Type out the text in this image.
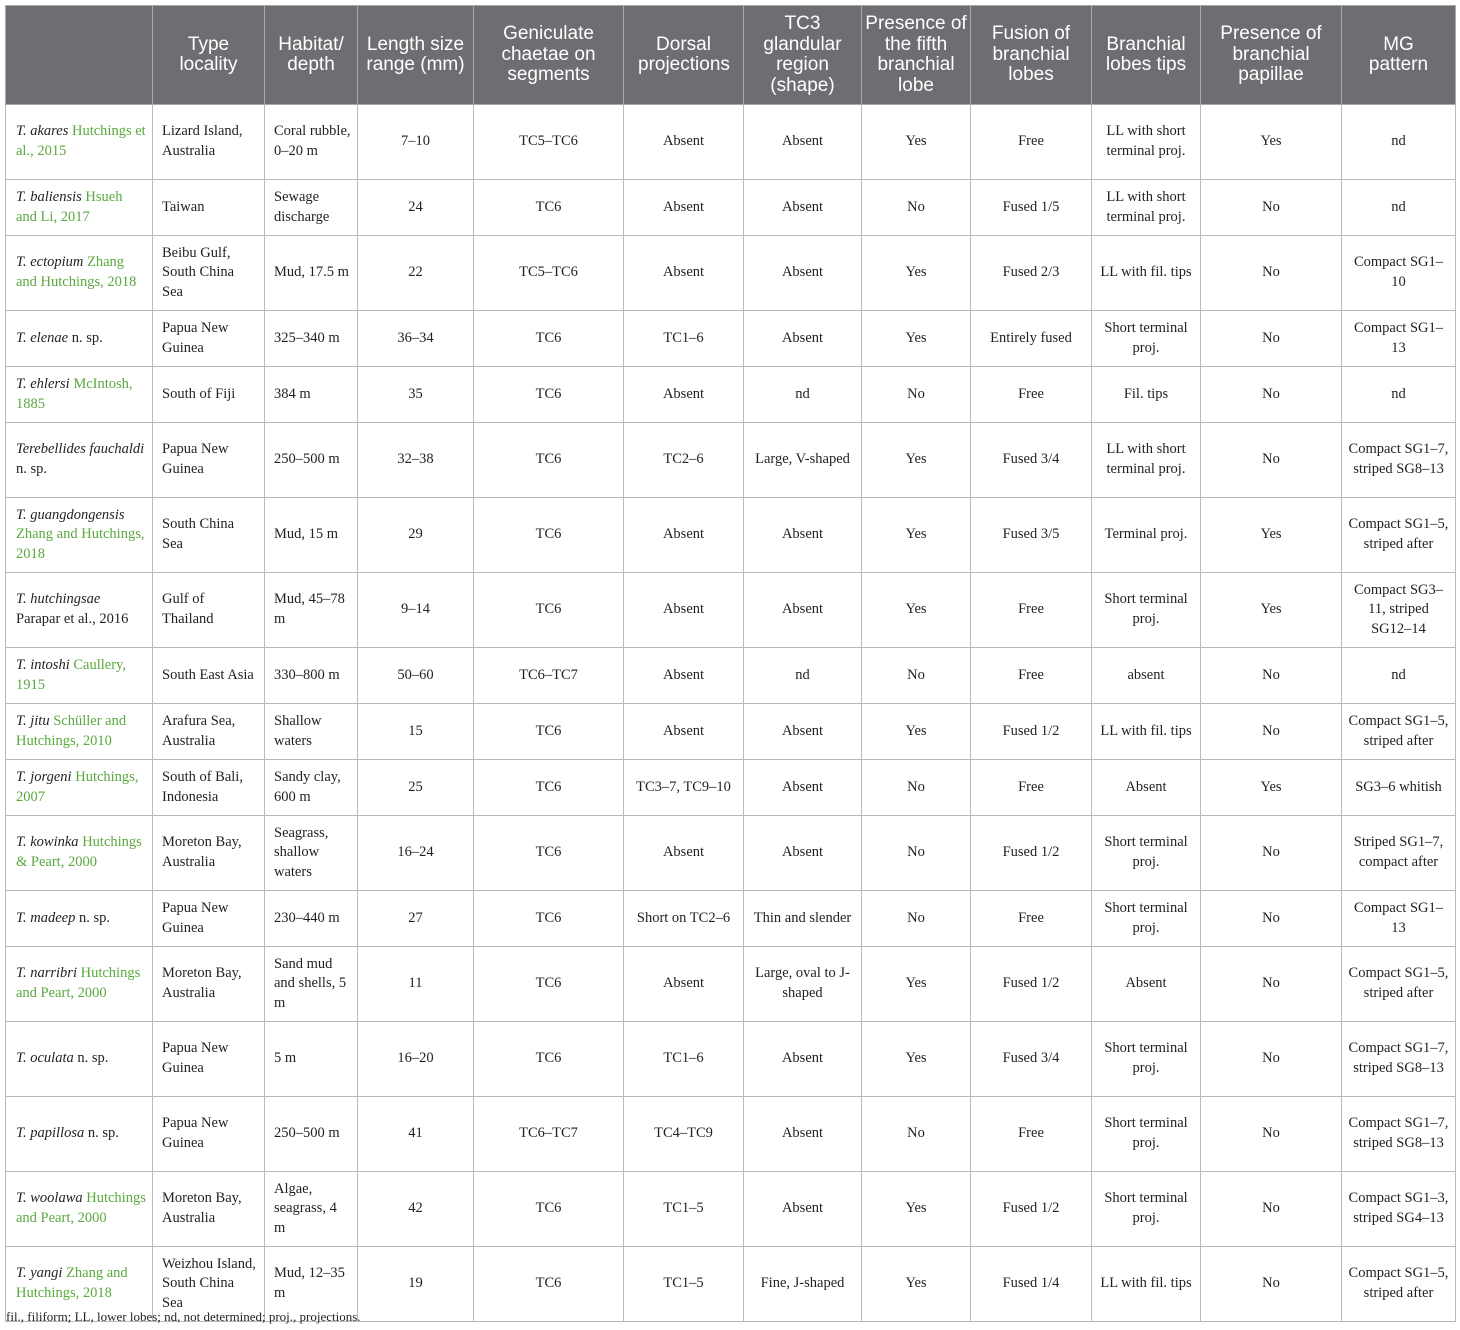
	Type locality	Habitat/ depth	Length size range (mm)	Geniculate chaetae on segments	Dorsal projections	TC3 glandular region (shape)	Presence of the fifth branchial lobe	Fusion of branchial lobes	Branchial lobes tips	Presence of branchial papillae	MG pattern
T. akares Hutchings et al., 2015	Lizard Island, Australia	Coral rubble, 0–20 m	7–10	TC5–TC6	Absent	Absent	Yes	Free	LL with short terminal proj.	Yes	nd
T. baliensis Hsueh and Li, 2017	Taiwan	Sewage discharge	24	TC6	Absent	Absent	No	Fused 1/5	LL with short terminal proj.	No	nd
T. ectopium Zhang and Hutchings, 2018	Beibu Gulf, South China Sea	Mud, 17.5 m	22	TC5–TC6	Absent	Absent	Yes	Fused 2/3	LL with fil. tips	No	Compact SG1–10
T. elenae n. sp.	Papua New Guinea	325–340 m	36–34	TC6	TC1–6	Absent	Yes	Entirely fused	Short terminal proj.	No	Compact SG1–13
T. ehlersi McIntosh, 1885	South of Fiji	384 m	35	TC6	Absent	nd	No	Free	Fil. tips	No	nd
Terebellides fauchaldi n. sp.	Papua New Guinea	250–500 m	32–38	TC6	TC2–6	Large, V-shaped	Yes	Fused 3/4	LL with short terminal proj.	No	Compact SG1–7, striped SG8–13
T. guangdongensis Zhang and Hutchings, 2018	South China Sea	Mud, 15 m	29	TC6	Absent	Absent	Yes	Fused 3/5	Terminal proj.	Yes	Compact SG1–5, striped after
T. hutchingsae Parapar et al., 2016	Gulf of Thailand	Mud, 45–78 m	9–14	TC6	Absent	Absent	Yes	Free	Short terminal proj.	Yes	Compact SG3–11, striped SG12–14
T. intoshi Caullery, 1915	South East Asia	330–800 m	50–60	TC6–TC7	Absent	nd	No	Free	absent	No	nd
T. jitu Schüller and Hutchings, 2010	Arafura Sea, Australia	Shallow waters	15	TC6	Absent	Absent	Yes	Fused 1/2	LL with fil. tips	No	Compact SG1–5, striped after
T. jorgeni Hutchings, 2007	South of Bali, Indonesia	Sandy clay, 600 m	25	TC6	TC3–7, TC9–10	Absent	No	Free	Absent	Yes	SG3–6 whitish
T. kowinka Hutchings & Peart, 2000	Moreton Bay, Australia	Seagrass, shallow waters	16–24	TC6	Absent	Absent	No	Fused 1/2	Short terminal proj.	No	Striped SG1–7, compact after
T. madeep n. sp.	Papua New Guinea	230–440 m	27	TC6	Short on TC2–6	Thin and slender	No	Free	Short terminal proj.	No	Compact SG1–13
T. narribri Hutchings and Peart, 2000	Moreton Bay, Australia	Sand mud and shells, 5 m	11	TC6	Absent	Large, oval to J-shaped	Yes	Fused 1/2	Absent	No	Compact SG1–5, striped after
T. oculata n. sp.	Papua New Guinea	5 m	16–20	TC6	TC1–6	Absent	Yes	Fused 3/4	Short terminal proj.	No	Compact SG1–7, striped SG8–13
T. papillosa n. sp.	Papua New Guinea	250–500 m	41	TC6–TC7	TC4–TC9	Absent	No	Free	Short terminal proj.	No	Compact SG1–7, striped SG8–13
T. woolawa Hutchings and Peart, 2000	Moreton Bay, Australia	Algae, seagrass, 4 m	42	TC6	TC1–5	Absent	Yes	Fused 1/2	Short terminal proj.	No	Compact SG1–3, striped SG4–13
T. yangi Zhang and Hutchings, 2018	Weizhou Island, South China Sea	Mud, 12–35 m	19	TC6	TC1–5	Fine, J-shaped	Yes	Fused 1/4	LL with fil. tips	No	Compact SG1–5, striped after
fil., filiform; LL, lower lobes; nd, not determined; proj., projections.
